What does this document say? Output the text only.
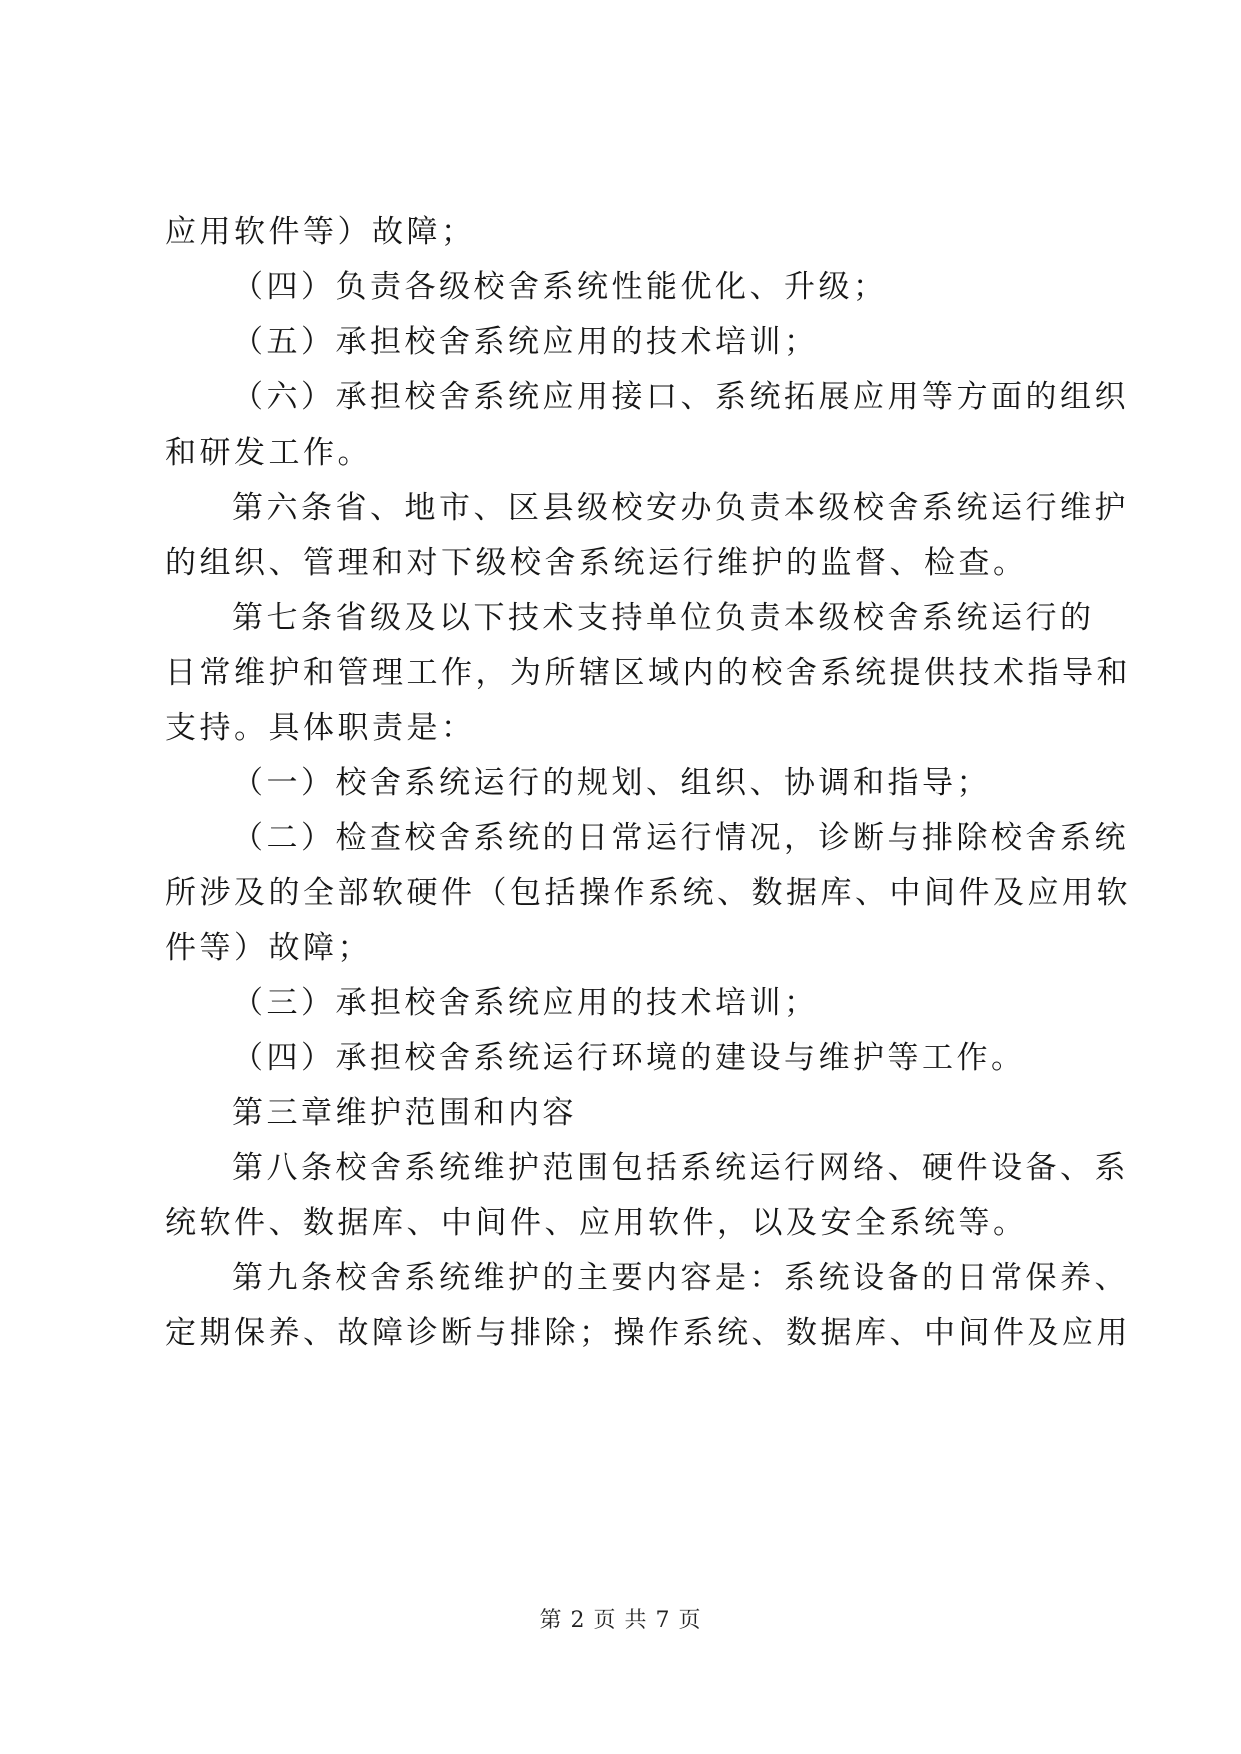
应用软件等）故障；
（四）负责各级校舍系统性能优化、升级；
（五）承担校舍系统应用的技术培训；
（六）承担校舍系统应用接口、系统拓展应用等方面的组织
和研发工作。
第六条省、地市、区县级校安办负责本级校舍系统运行维护
的组织、管理和对下级校舍系统运行维护的监督、检查。
第七条省级及以下技术支持单位负责本级校舍系统运行的
日常维护和管理工作，为所辖区域内的校舍系统提供技术指导和
支持。具体职责是：
（一）校舍系统运行的规划、组织、协调和指导；
（二）检查校舍系统的日常运行情况，诊断与排除校舍系统
所涉及的全部软硬件（包括操作系统、数据库、中间件及应用软
件等）故障；
（三）承担校舍系统应用的技术培训；
（四）承担校舍系统运行环境的建设与维护等工作。
第三章维护范围和内容
第八条校舍系统维护范围包括系统运行网络、硬件设备、系
统软件、数据库、中间件、应用软件，以及安全系统等。
第九条校舍系统维护的主要内容是：系统设备的日常保养、
定期保养、故障诊断与排除；操作系统、数据库、中间件及应用
第 2 页 共 7 页
